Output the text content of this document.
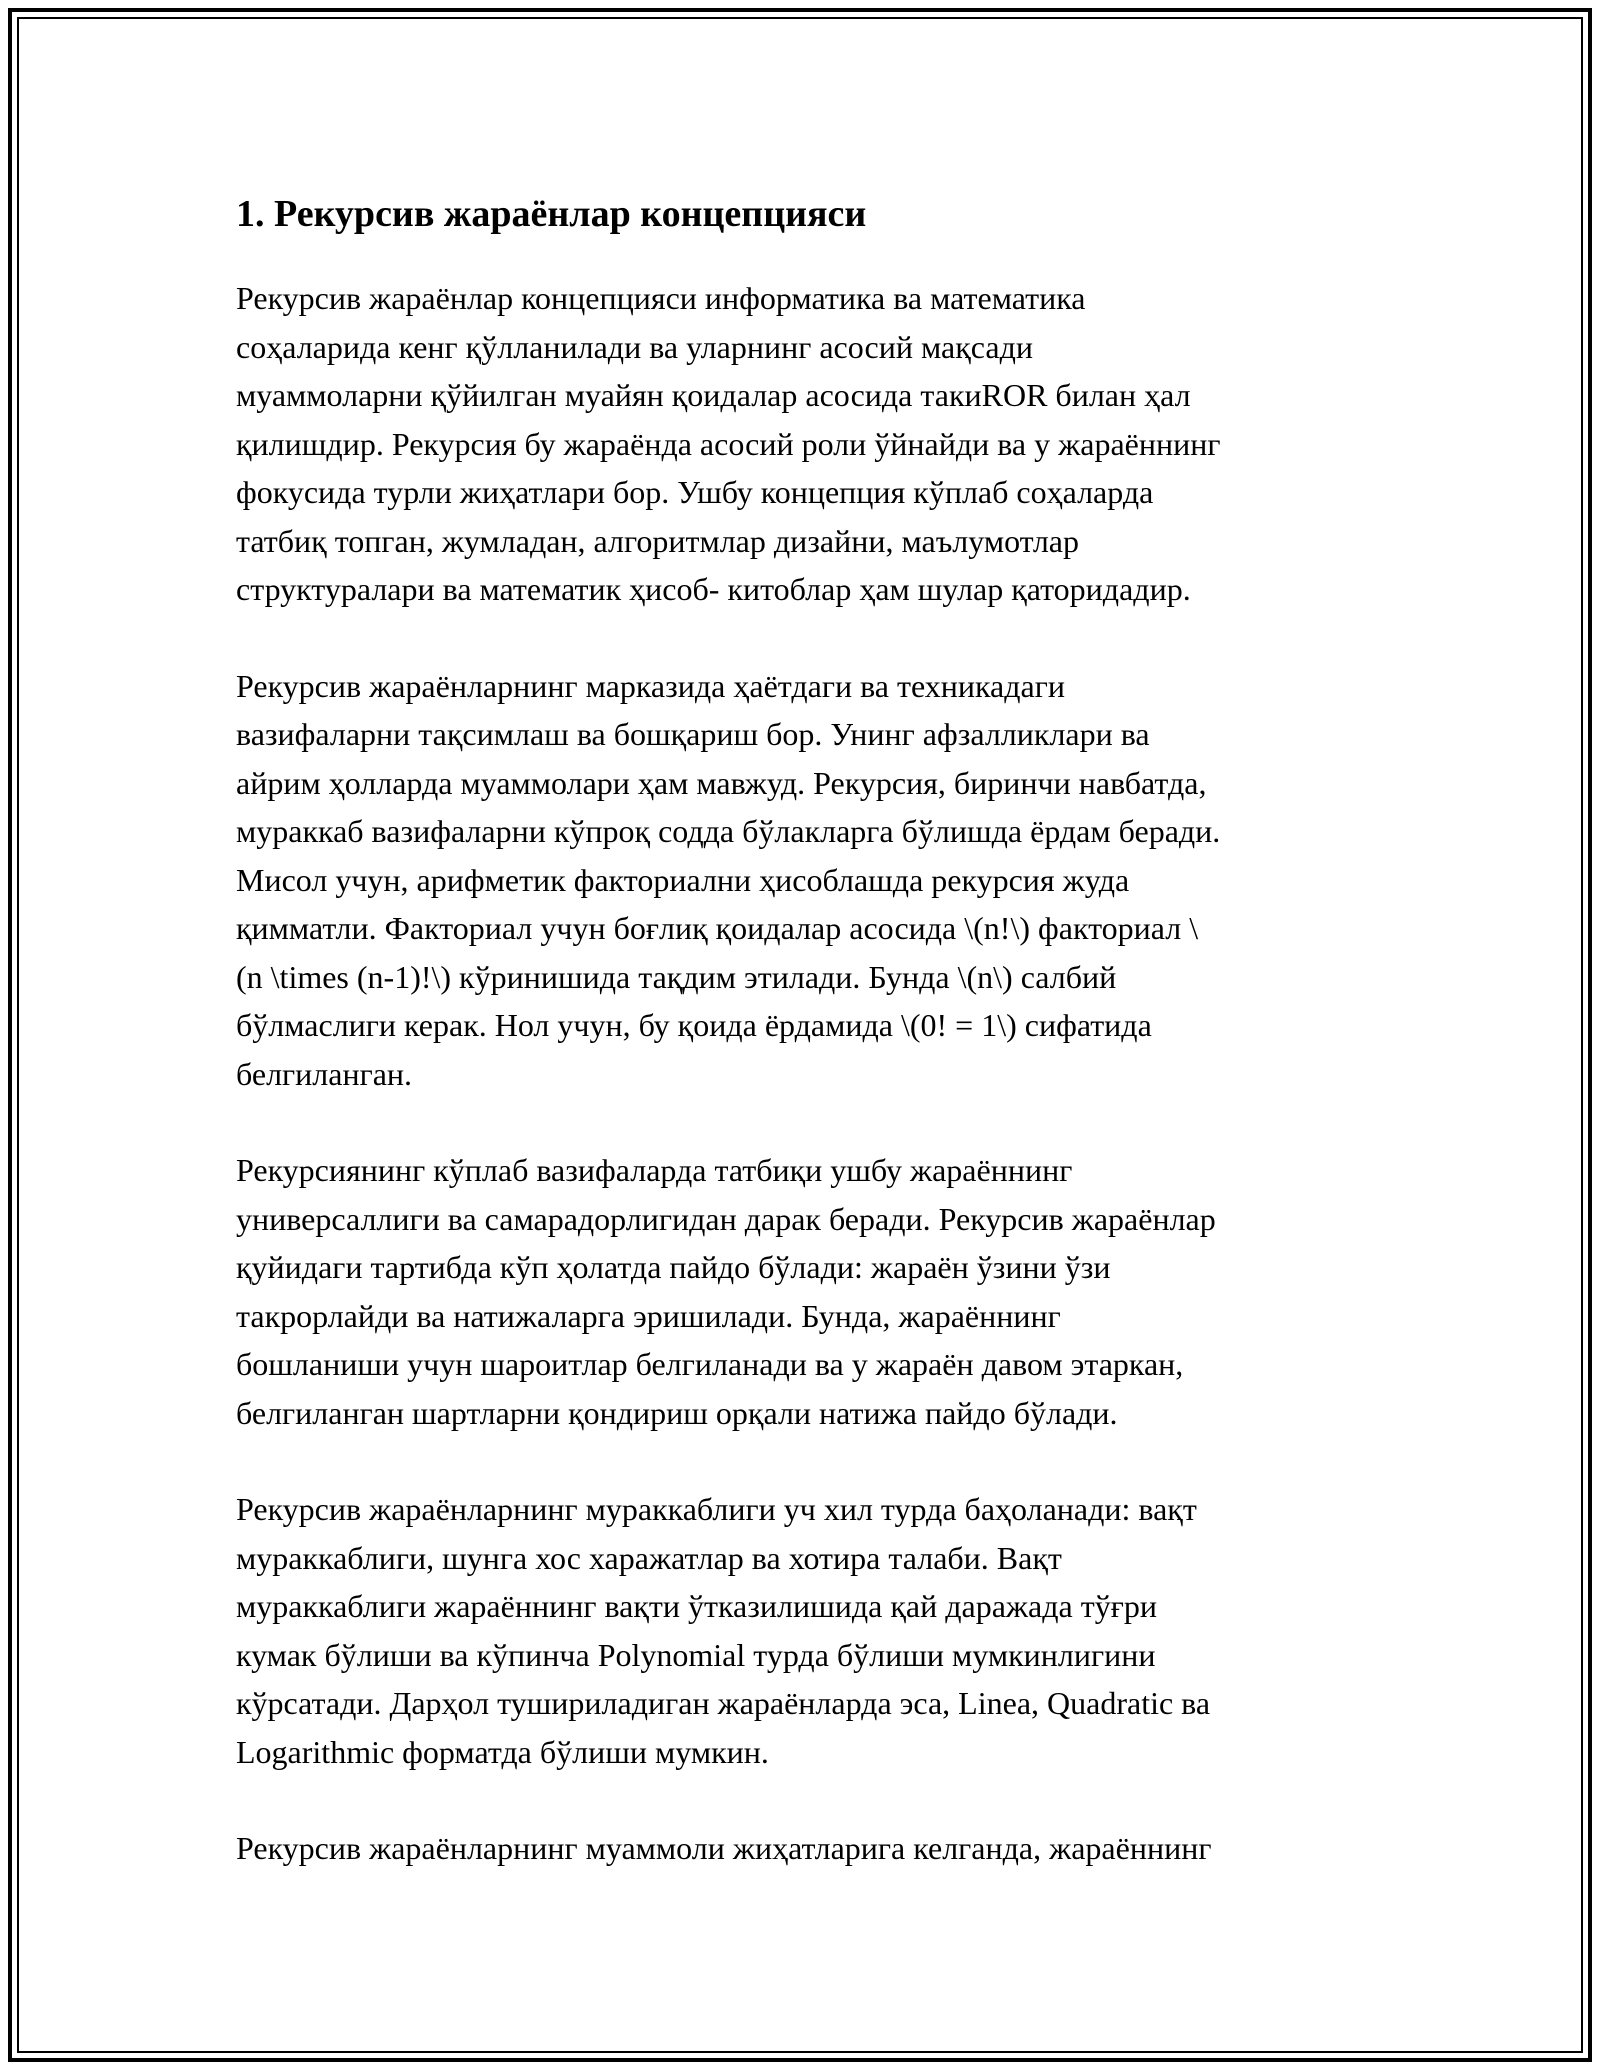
1. Рекурсив жараёнлар концепцияси

Рекурсив жараёнлар концепцияси информатика ва математика
соҳаларида кенг қўлланилади ва уларнинг асосий мақсади
муаммоларни қўйилган муайян қоидалар асосида такиROR билан ҳал
қилишдир. Рекурсия бу жараёнда асосий роли ўйнайди ва у жараённинг
фокусида турли жиҳатлари бор. Ушбу концепция кўплаб соҳаларда
татбиқ топган, жумладан, алгоритмлар дизайни, маълумотлар
структуралари ва математик ҳисоб- китоблар ҳам шулар қаторидадир.

Рекурсив жараёнларнинг марказида ҳаётдаги ва техникадаги
вазифаларни тақсимлаш ва бошқариш бор. Унинг афзалликлари ва
айрим ҳолларда муаммолари ҳам мавжуд. Рекурсия, биринчи навбатда,
мураккаб вазифаларни кўпроқ содда бўлакларга бўлишда ёрдам беради.
Мисол учун, арифметик факториални ҳисоблашда рекурсия жуда
қимматли. Факториал учун боғлиқ қоидалар асосида \(n!\) факториал \
(n \times (n-1)!\) кўринишида тақдим этилади. Бунда \(n\) салбий
бўлмаслиги керак. Нол учун, бу қоида ёрдамида \(0! = 1\) сифатида
белгиланган.

Рекурсиянинг кўплаб вазифаларда татбиқи ушбу жараённинг
универсаллиги ва самарадорлигидан дарак беради. Рекурсив жараёнлар
қуйидаги тартибда кўп ҳолатда пайдо бўлади: жараён ўзини ўзи
такрорлайди ва натижаларга эришилади. Бунда, жараённинг
бошланиши учун шароитлар белгиланади ва у жараён давом этаркан,
белгиланган шартларни қондириш орқали натижа пайдо бўлади.

Рекурсив жараёнларнинг мураккаблиги уч хил турда баҳоланади: вақт
мураккаблиги, шунга хос харажатлар ва хотира талаби. Вақт
мураккаблиги жараённинг вақти ўтказилишида қай даражада тўғри
кумак бўлиши ва кўпинча Polynomial турда бўлиши мумкинлигини
кўрсатади. Дарҳол тушириладиган жараёнларда эса, Linea, Quadratic ва
Logarithmic форматда бўлиши мумкин.

Рекурсив жараёнларнинг муаммоли жиҳатларига келганда, жараённинг
